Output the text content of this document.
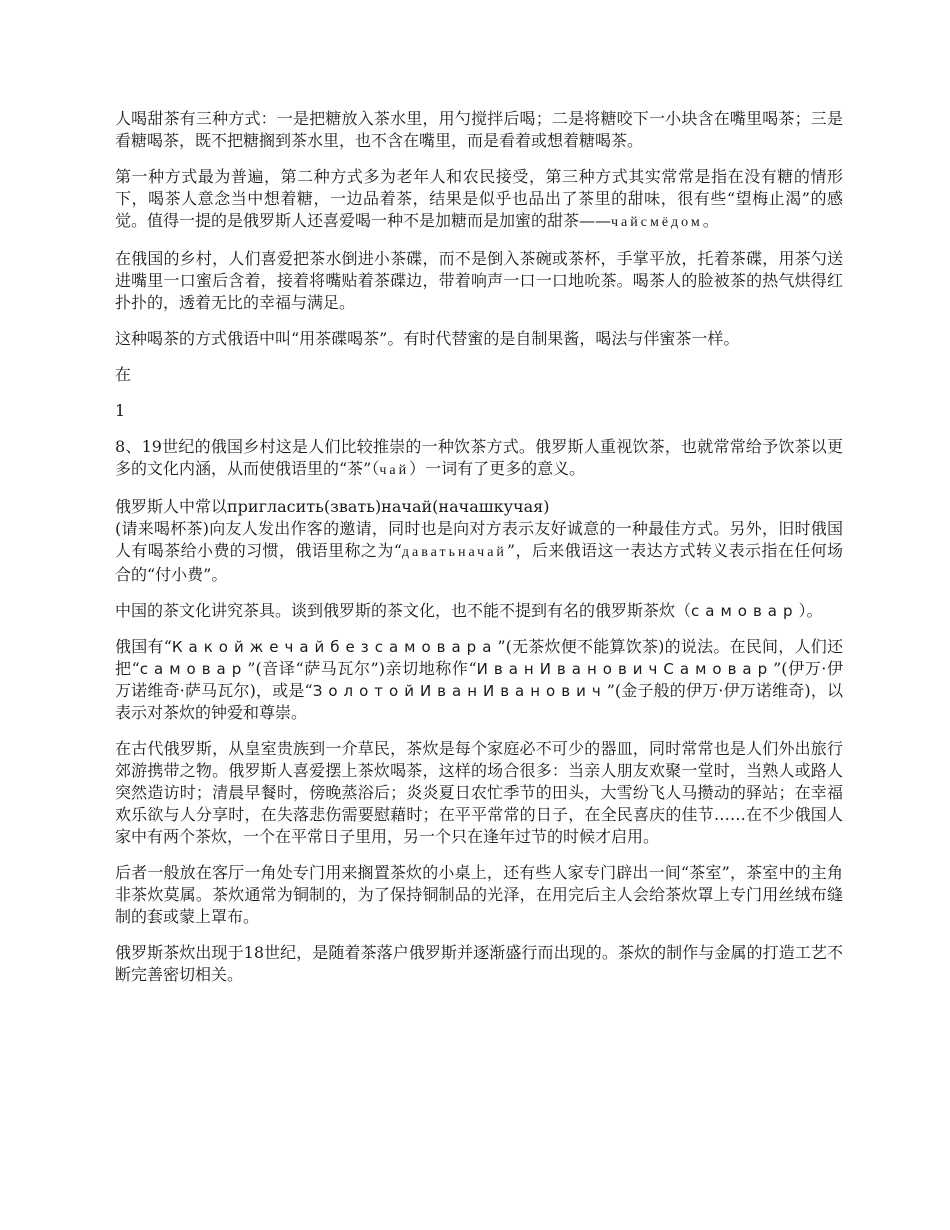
人喝甜茶有三种方式：一是把糖放入茶水里，用勺搅拌后喝；二是将糖咬下一小块含在嘴里喝茶；三是看糖喝茶，既不把糖搁到茶水里，也不含在嘴里，而是看着或想着糖喝茶。

第一种方式最为普遍，第二种方式多为老年人和农民接受，第三种方式其实常常是指在没有糖的情形下，喝茶人意念当中想着糖，一边品着茶，结果是似乎也品出了茶里的甜味，很有些“望梅止渴”的感觉。值得一提的是俄罗斯人还喜爱喝一种不是加糖而是加蜜的甜茶——чайсмёдом。

在俄国的乡村，人们喜爱把茶水倒进小茶碟，而不是倒入茶碗或茶杯，手掌平放，托着茶碟，用茶勺送进嘴里一口蜜后含着，接着将嘴贴着茶碟边，带着响声一口一口地吮茶。喝茶人的脸被茶的热气烘得红扑扑的，透着无比的幸福与满足。

这种喝茶的方式俄语中叫“用茶碟喝茶”。有时代替蜜的是自制果酱，喝法与伴蜜茶一样。

在

1

8、19世纪的俄国乡村这是人们比较推崇的一种饮茶方式。俄罗斯人重视饮茶，也就常常给予饮茶以更多的文化内涵，从而使俄语里的“茶”（чай）一词有了更多的意义。

俄罗斯人中常以пригласить(звать)начай(начашкучая)
(请来喝杯茶)向友人发出作客的邀请，同时也是向对方表示友好诚意的一种最佳方式。另外，旧时俄国人有喝茶给小费的习惯，俄语里称之为“даватьначай”，后来俄语这一表达方式转义表示指在任何场合的“付小费”。

中国的茶文化讲究茶具。谈到俄罗斯的茶文化，也不能不提到有名的俄罗斯茶炊（самовар）。

俄国有“Какойжечайбезсамовара”(无茶炊便不能算饮茶)的说法。在民间，人们还把“самовар”(音译“萨马瓦尔”)亲切地称作“ИванИвановичСамовар”(伊万·伊万诺维奇·萨马瓦尔)，或是“ЗолотойИванИванович”(金子般的伊万·伊万诺维奇)，以表示对茶炊的钟爱和尊崇。

在古代俄罗斯，从皇室贵族到一介草民，茶炊是每个家庭必不可少的器皿，同时常常也是人们外出旅行郊游携带之物。俄罗斯人喜爱摆上茶炊喝茶，这样的场合很多：当亲人朋友欢聚一堂时，当熟人或路人突然造访时；清晨早餐时，傍晚蒸浴后；炎炎夏日农忙季节的田头，大雪纷飞人马攒动的驿站；在幸福欢乐欲与人分享时，在失落悲伤需要慰藉时；在平平常常的日子，在全民喜庆的佳节……在不少俄国人家中有两个茶炊，一个在平常日子里用，另一个只在逢年过节的时候才启用。

后者一般放在客厅一角处专门用来搁置茶炊的小桌上，还有些人家专门辟出一间“茶室”，茶室中的主角非茶炊莫属。茶炊通常为铜制的，为了保持铜制品的光泽，在用完后主人会给茶炊罩上专门用丝绒布缝制的套或蒙上罩布。

俄罗斯茶炊出现于18世纪，是随着茶落户俄罗斯并逐渐盛行而出现的。茶炊的制作与金属的打造工艺不断完善密切相关。
